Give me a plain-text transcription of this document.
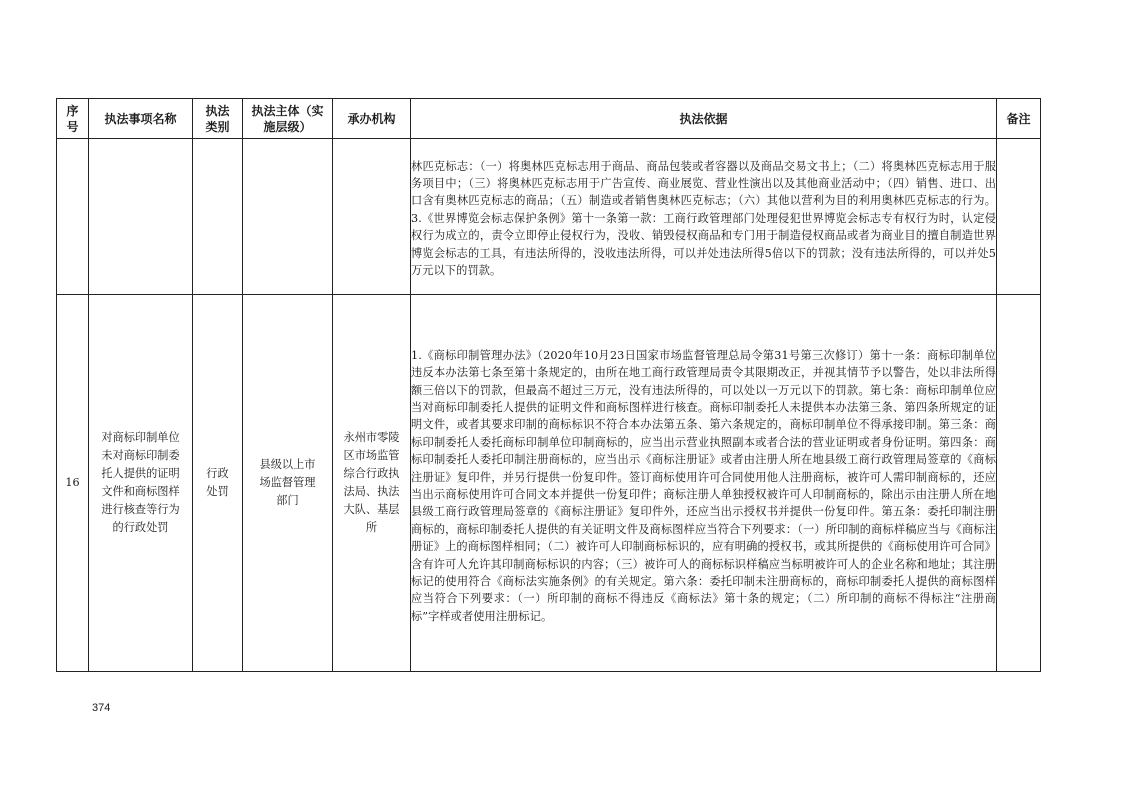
序号	执法事项名称	执法类别	执法主体（实施层级）	承办机构	执法依据	备注
					林匹克标志：（一）将奥林匹克标志用于商品、商品包装或者容器以及商品交易文书上；（二）将奥林匹克标志用于服务项目中；（三）将奥林匹克标志用于广告宣传、商业展览、营业性演出以及其他商业活动中；（四）销售、进口、出口含有奥林匹克标志的商品；（五）制造或者销售奥林匹克标志；（六）其他以营利为目的利用奥林匹克标志的行为。3.《世界博览会标志保护条例》第十一条第一款：工商行政管理部门处理侵犯世界博览会标志专有权行为时，认定侵权行为成立的，责令立即停止侵权行为，没收、销毁侵权商品和专门用于制造侵权商品或者为商业目的擅自制造世界博览会标志的工具，有违法所得的，没收违法所得，可以并处违法所得5倍以下的罚款；没有违法所得的，可以并处5万元以下的罚款。	
16	对商标印制单位未对商标印制委托人提供的证明文件和商标图样进行核查等行为的行政处罚	行政处罚	县级以上市场监督管理部门	永州市零陵区市场监管综合行政执法局、执法大队、基层所	1.《商标印制管理办法》（2020年10月23日国家市场监督管理总局令第31号第三次修订）第十一条：商标印制单位违反本办法第七条至第十条规定的，由所在地工商行政管理局责令其限期改正，并视其情节予以警告，处以非法所得额三倍以下的罚款，但最高不超过三万元，没有违法所得的，可以处以一万元以下的罚款。第七条：商标印制单位应当对商标印制委托人提供的证明文件和商标图样进行核查。商标印制委托人未提供本办法第三条、第四条所规定的证明文件，或者其要求印制的商标标识不符合本办法第五条、第六条规定的，商标印制单位不得承接印制。第三条：商标印制委托人委托商标印制单位印制商标的，应当出示营业执照副本或者合法的营业证明或者身份证明。第四条：商标印制委托人委托印制注册商标的，应当出示《商标注册证》或者由注册人所在地县级工商行政管理局签章的《商标注册证》复印件，并另行提供一份复印件。签订商标使用许可合同使用他人注册商标，被许可人需印制商标的，还应当出示商标使用许可合同文本并提供一份复印件；商标注册人单独授权被许可人印制商标的，除出示由注册人所在地县级工商行政管理局签章的《商标注册证》复印件外，还应当出示授权书并提供一份复印件。第五条：委托印制注册商标的，商标印制委托人提供的有关证明文件及商标图样应当符合下列要求：（一）所印制的商标样稿应当与《商标注册证》上的商标图样相同；（二）被许可人印制商标标识的，应有明确的授权书，或其所提供的《商标使用许可合同》含有许可人允许其印制商标标识的内容；（三）被许可人的商标标识样稿应当标明被许可人的企业名称和地址；其注册标记的使用符合《商标法实施条例》的有关规定。第六条：委托印制未注册商标的，商标印制委托人提供的商标图样应当符合下列要求：（一）所印制的商标不得违反《商标法》第十条的规定；（二）所印制的商标不得标注“注册商标”字样或者使用注册标记。	
374
